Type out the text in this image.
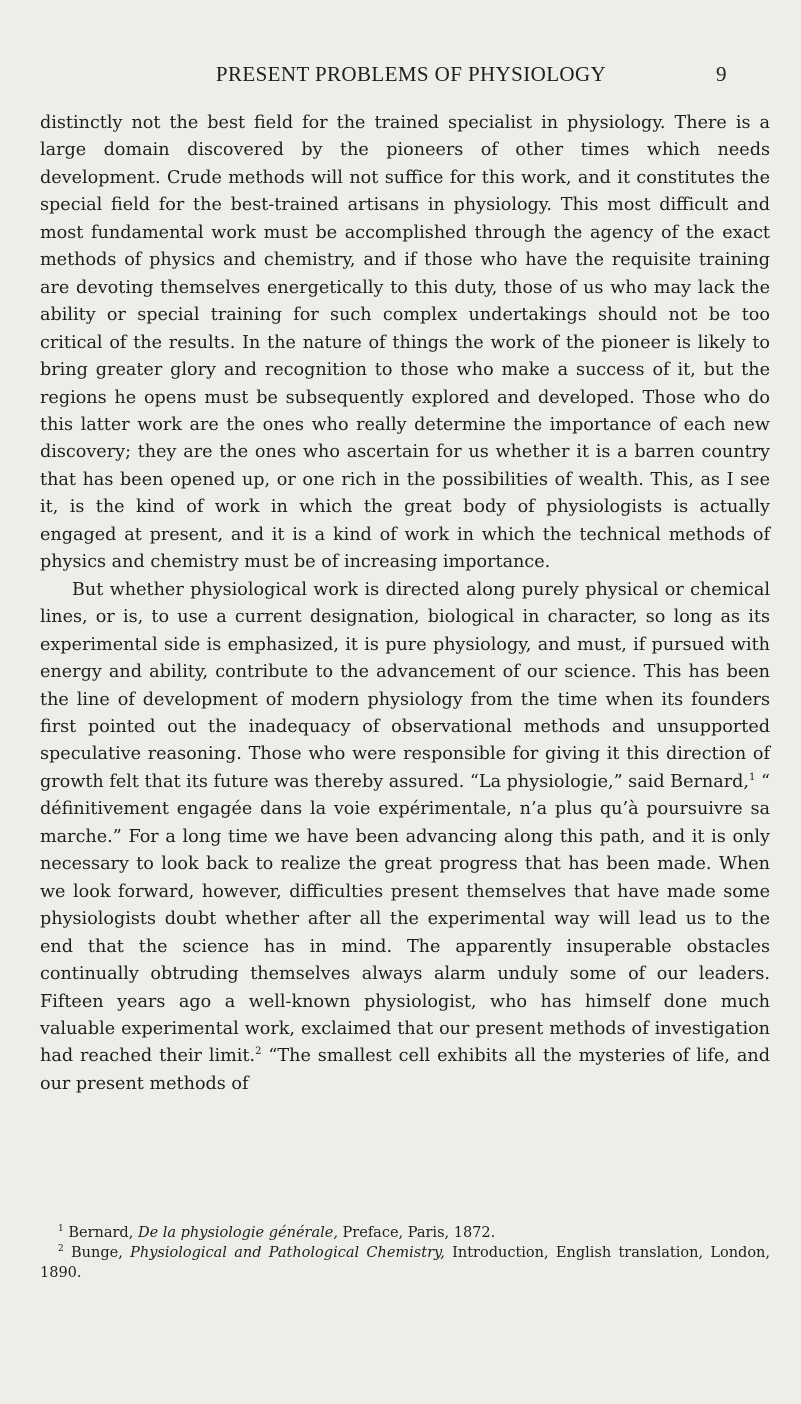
PRESENT PROBLEMS OF PHYSIOLOGY	9

distinctly not the best field for the trained specialist in physiology. There is a large domain discovered by the pioneers of other times which needs development. Crude methods will not suffice for this work, and it constitutes the special field for the best-trained artisans in physiology. This most difficult and most fundamental work must be accomplished through the agency of the exact methods of physics and chemistry, and if those who have the requisite training are devoting themselves energetically to this duty, those of us who may lack the ability or special training for such complex undertakings should not be too critical of the results. In the nature of things the work of the pioneer is likely to bring greater glory and recognition to those who make a success of it, but the regions he opens must be subsequently explored and developed. Those who do this latter work are the ones who really determine the importance of each new discovery; they are the ones who ascertain for us whether it is a barren country that has been opened up, or one rich in the possibilities of wealth. This, as I see it, is the kind of work in which the great body of physiologists is actually engaged at present, and it is a kind of work in which the technical methods of physics and chemistry must be of increasing importance.

But whether physiological work is directed along purely physical or chemical lines, or is, to use a current designation, biological in character, so long as its experimental side is emphasized, it is pure physiology, and must, if pursued with energy and ability, contribute to the advancement of our science. This has been the line of development of modern physiology from the time when its founders first pointed out the inadequacy of observational methods and unsupported speculative reasoning. Those who were responsible for giving it this direction of growth felt that its future was thereby assured. “La physiologie,” said Bernard,$^1$ “ définitivement engagée dans la voie expérimentale, n’a plus qu’à poursuivre sa marche.” For a long time we have been advancing along this path, and it is only necessary to look back to realize the great progress that has been made. When we look forward, however, difficulties present themselves that have made some physiologists doubt whether after all the experimental way will lead us to the end that the science has in mind. The apparently insuperable obstacles continually obtruding themselves always alarm unduly some of our leaders. Fifteen years ago a well-known physiologist, who has himself done much valuable experimental work, exclaimed that our present methods of investigation had reached their limit.$^2$ “The smallest cell exhibits all the mysteries of life, and our present methods of

$^1$ Bernard, De la physiologie générale, Preface, Paris, 1872.

$^2$ Bunge, Physiological and Pathological Chemistry, Introduction, English translation, London, 1890.
